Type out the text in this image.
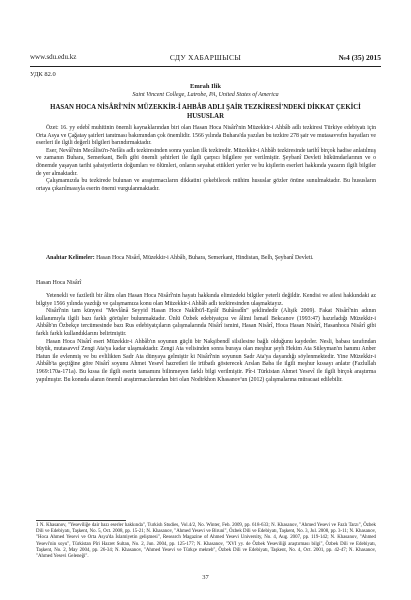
www.sdu.edu.kz	СДУ ХАБАРШЫСЫ	№4 (35) 2015
УДК 82.0
Emrah Ilik
Saint Vincent College, Latrobe, PA, United States of America
HASAN HOCA NİSÂRÎ'NİN MÜZEKKİR-İ AHBÂB ADLI ŞAİR TEZKİRESİ'NDEKİ DİKKAT ÇEKİCİ HUSUSLAR

Özet: 16. yy edebî muhitinin önemli kaynaklarından biri olan Hasan Hoca Nisârî'nin Müzekkir-i Ahbâb adlı tezkiresi Türkiye edebiyatı için Orta Asya ve Çağatay şairleri tanıtması bakımından çok önemlidir. 1566 yılında Buhara'da yazılan bu tezkire 278 şair ve mutasavvıfın hayatları ve eserleri ile ilgili değerli bilgileri barındırmaktadır.

Eser, Nevâî'nin Mecâlisü'n-Nefâis adlı tezkiresinden sonra yazılan ilk tezkiredir. Müzekkir-i Ahbâb tezkiresinde tarihî birçok hadise anlatılmış ve zamanın Buhara, Semerkant, Belh gibi önemli şehirleri ile ilgili çarpıcı bilgilere yer verilmiştir. Şeybanî Devleti hükümdarlarının ve o dönemde yaşayan tarihi şahsiyetlerin doğumları ve ölümleri, onların seyahat ettikleri yerler ve bu kişilerin eserleri hakkında yazarın ilgili bilgiler de yer almaktadır.

Çalışmamızda bu tezkirede bulunan ve araştırmacıların dikkatini çekebilecek mühim hususlar gözler önüne sunulmaktadır. Bu hususların ortaya çıkarılmasıyla eserin önemi vurgulanmaktadır.

Anahtar Kelimeler: Hasan Hoca Nisârî, Müzekkir-i Ahbâb, Buhara, Semerkant, Hindistan, Belh, Şeybanî Devleti.
Hasan Hoca Nisârî

Yetenekli ve faziletli bir âlim olan Hasan Hoca Nisârî'nin hayatı hakkında elimizdeki bilgiler yeterli değildir. Kendisi ve ailesi hakkındaki az bilgiye 1566 yılında yazdığı ve çalışmamıza konu olan Müzekkir-i Ahbâb adlı tezkiresinden ulaşmaktayız.

Nisârî'nin tam künyesi "Mevlânâ Seyyid Hasan Hoce Nakîbü'l-Eşrâf Buhâradîn" şeklindedir (Alişik 2009). Fakat Nisârî'nin adının kullanımıyla ilgili bazı farklı görüşler bulunmaktadır. Ünlü Özbek edebiyatçısı ve âlimi İsmail Bekcanov (1993:47) hazırladığı Müzekkir-i Ahbâb'ın Özbekçe tercümesinde bazı Rus edebiyatçıların çalışmalarında Nisârî ismini, Hasan Nisârî, Hoca Hasan Nisârî, Hasanhoca Nisârî gibi farklı farklı kullandıklarını belirtmiştir.

Hasan Hoca Nisârî eseri Müzekkir-i Ahbâb'ın soyunun güçlü bir Nakşibendî silsilesine bağlı olduğunu kaydeder. Nesli, babası tarafından büyük, mutasavvıf Zengi Ata'ya kadar ulaşmaktadır. Zengi Ata velisinden sonra buraya olan meşhur şeyh Hekim Ata Süleyman'ın hanımı Anber Hatun ile evlenmiş ve bu evlilikten Sadr Ata dünyaya gelmiştir ki Nisârî'nin soyunun Sadr Ata'ya dayandığı söylenmektedir. Yine Müzekkir-i Ahbâb'ta geçtiğine göre Nisârî soyunu Ahmet Yesevî hazretleri ile irtibatlı gösterecek Arslan Baba ile ilgili meşhur kıssayı anlatır (Fazlullah 1969:170a-171a). Bu kıssa ile ilgili eserin tamamını bilinmeyen farklı bilgi verilmiştir. Pîr-i Türkistan Ahmet Yesevî ile ilgili birçok araştırma yapılmıştır. Bu konuda alanın önemli araştırmacılarından biri olan Nodirkhon Khasanov'un (2012) çalışmalarına müracaat edilebilir.

1 N. Khasanov, "Yeseviliğe dair bazı eserler hakkında", Turkish Studies, Vol.4/2, No. Winter, Feb. 2009, pp. 618-633; N. Khasanov, "Ahmed Yesevi ve Fazlı Tarzı", Özbek Dili ve Edebiyatı, Taşkent, No. 5, Oct. 2008, pp. 15-21; N. Khasanov, "Ahmed Yesevi ve Biruni", Özbek Dili ve Edebiyatı, Taşkent, No. 3, Jul. 2008, pp. 3-11; N. Khasanov, "Hoca Ahmed Yesevi ve Orta Asya'da İslamiyetin gelişmesi", Research Magazine of Ahmed Yesevi University, No. 4, Aug. 2007, pp. 119-142; N. Khasanov, "Ahmed Yesevi'nin soyu", Türkistan Pîri Hazret Sultan, No. 2, Jun. 2004, pp. 125-177; N. Khasanov, "XVI yy. de Özbek Yeseviliği araştırması bilgi", Özbek Dili ve Edebiyatı, Taşkent, No. 2, May 2004, pp. 26-34; N. Khasanov, "Ahmed Yesevi ve Türkçe mekteb", Özbek Dili ve Edebiyatı, Taşkent, No. 4, Oct. 2001, pp. 42-47; N. Khasanov, "Ahmed Yesevi Geleneği".

37
